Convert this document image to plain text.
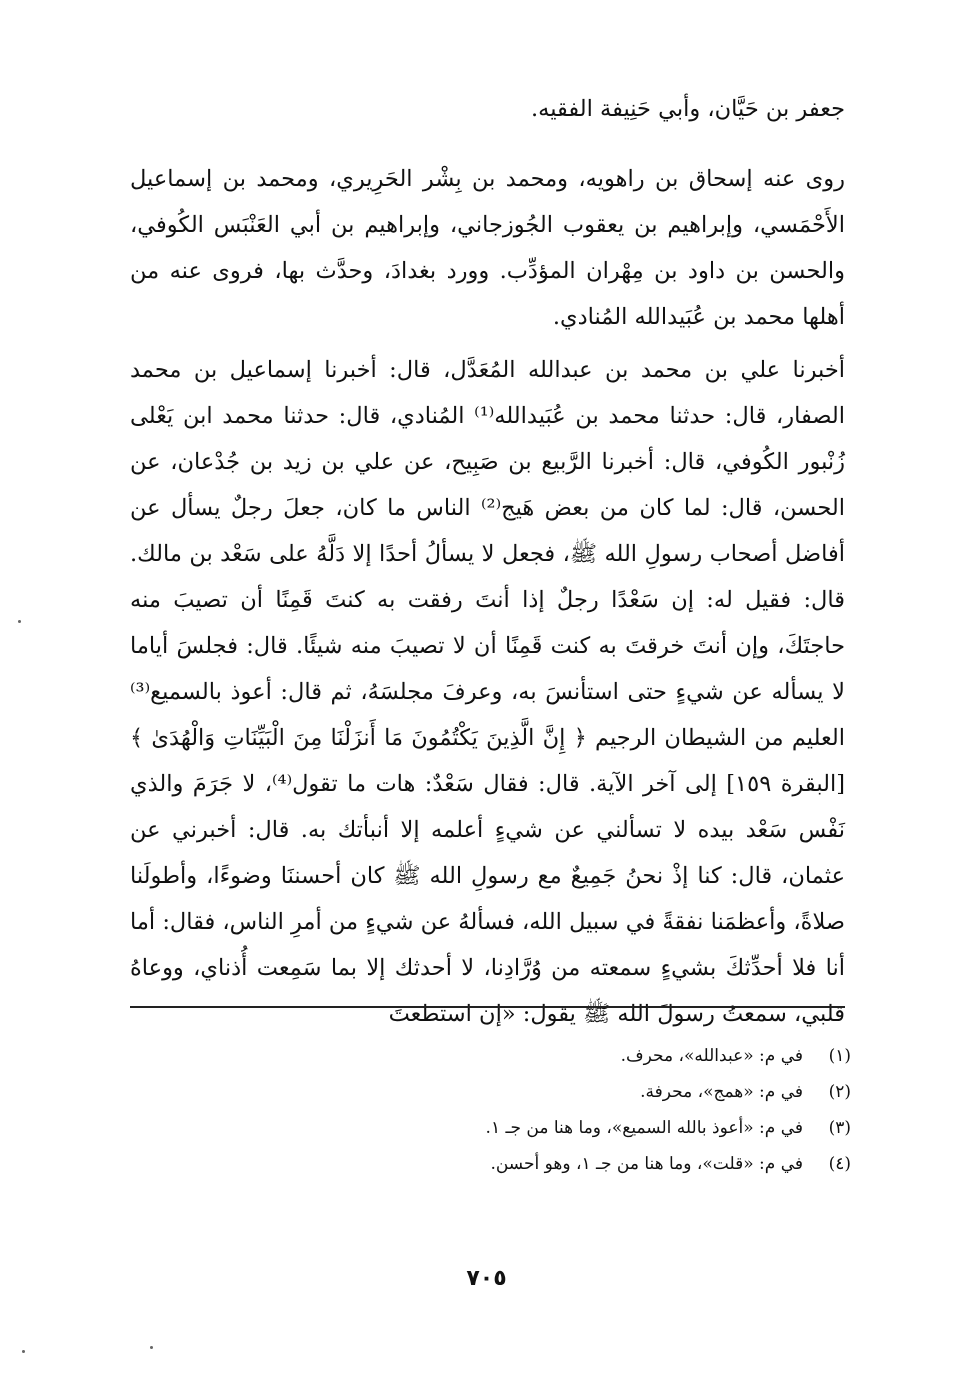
جعفر بن حَيَّان، وأبي حَنِيفة الفقيه.

روى عنه إسحاق بن راهويه، ومحمد بن بِشْر الحَرِيري، ومحمد بن إسماعيل الأَحْمَسي، وإبراهيم بن يعقوب الجُوزجاني، وإبراهيم بن أبي العَنْبَس الكُوفي، والحسن بن داود بن مِهْران المؤدِّب. وورد بغدادَ، وحدَّث بها، فروى عنه من أهلها محمد بن عُبَيدالله المُنادي.

أخبرنا علي بن محمد بن عبدالله المُعَدَّل، قال: أخبرنا إسماعيل بن محمد الصفار، قال: حدثنا محمد بن عُبَيدالله⁽¹⁾ المُنادي، قال: حدثنا محمد ابن يَعْلى زُنْبور الكُوفي، قال: أخبرنا الرَّبيع بن صَبِيح، عن علي بن زيد بن جُدْعان، عن الحسن، قال: لما كان من بعض هَيج⁽²⁾ الناس ما كان، جعلَ رجلٌ يسأل عن أفاضل أصحاب رسولِ الله ﷺ، فجعل لا يسألُ أحدًا إلا دَلَّهُ على سَعْد بن مالك. قال: فقيل له: إن سَعْدًا رجلٌ إذا أنتَ رفقت به كنتَ قَمِنًا أن تصيبَ منه حاجتَكَ، وإن أنتَ خرقتَ به كنت قَمِنًا أن لا تصيبَ منه شيئًا. قال: فجلسَ أياما لا يسأله عن شيءٍ حتى استأنسَ به، وعرفَ مجلسَهُ، ثم قال: أعوذ بالسميع⁽³⁾ العليم من الشيطان الرجيم ﴿ إِنَّ الَّذِينَ يَكْتُمُونَ مَا أَنزَلْنَا مِنَ الْبَيِّنَاتِ وَالْهُدَىٰ ﴾ [البقرة ١٥٩] إلى آخر الآية. قال: فقال سَعْدٌ: هات ما تقول⁽⁴⁾، لا جَرَمَ والذي نَفْس سَعْد بيده لا تسألني عن شيءٍ أعلمه إلا أنبأتك به. قال: أخبرني عن عثمان، قال: كنا إذْ نحنُ جَمِيعٌ مع رسولِ الله ﷺ كان أحسننَا وضوءًا، وأطولَنا صلاةً، وأعظمَنا نفقةً في سبيل الله، فسألهُ عن شيءٍ من أمرِ الناس، فقال: أما أنا فلا أحدِّثكَ بشيءٍ سمعته من وُرَّادِنا، لا أحدثك إلا بما سَمِعت أُذناي، ووعاهُ قلبي، سمعتُ رسولَ الله ﷺ يقول: «إن استطعتَ

(١)
في م: «عبدالله»، محرف.
(٢)
في م: «همج»، محرفة.
(٣)
في م: «أعوذ بالله السميع»، وما هنا من جـ ١.
(٤)
في م: «قلت»، وما هنا من جـ ١، وهو أحسن.
٧٠٥
